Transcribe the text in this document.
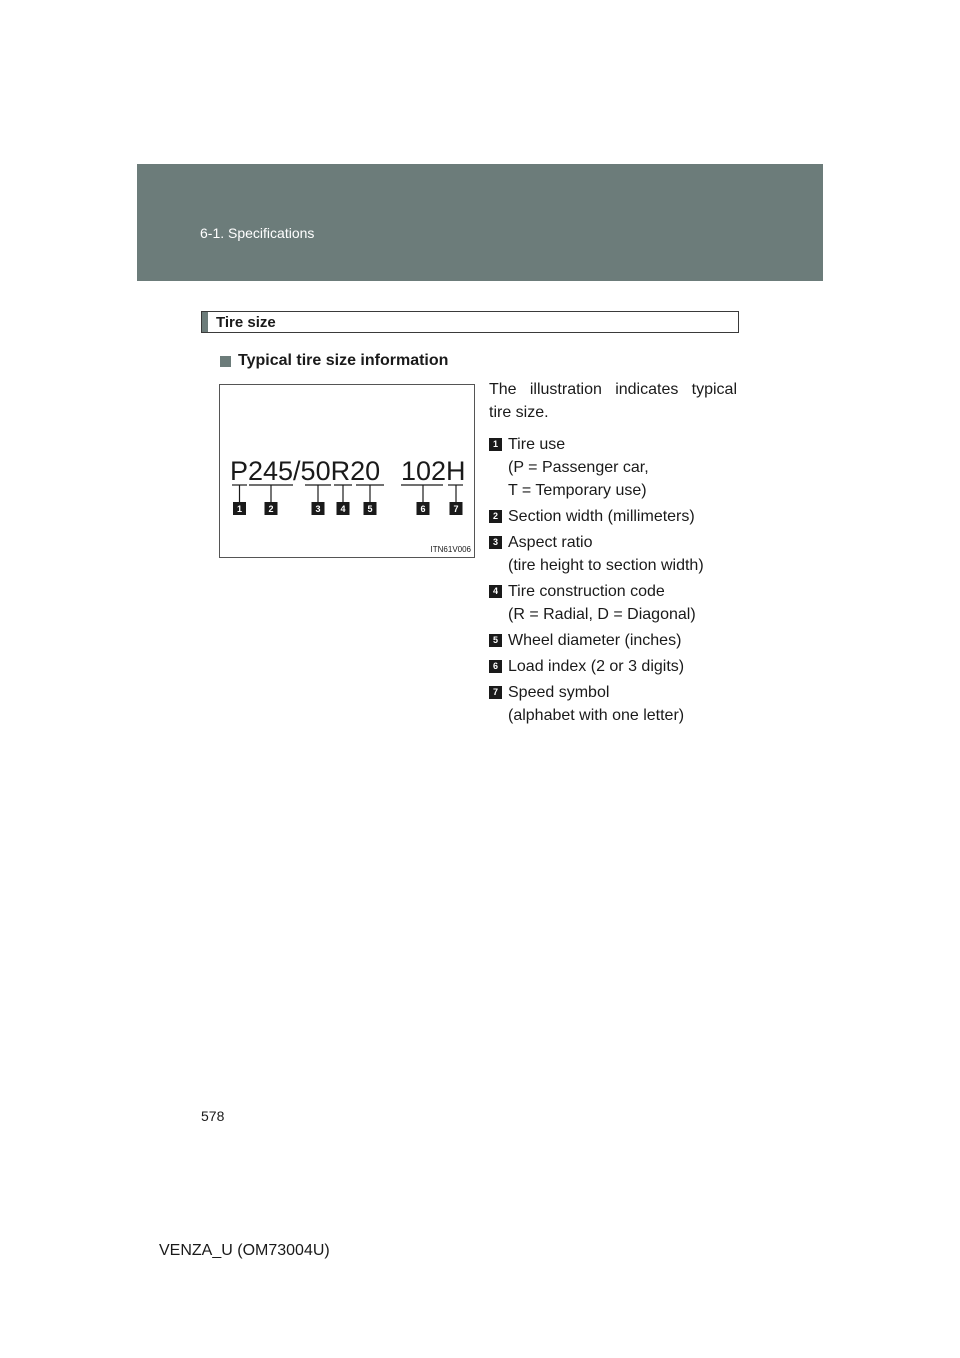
6-1. Specifications
Tire size
Typical tire size information
P245/50R20 102H
1	2	3 4 5	6	7
ITN61V006
The illustration indicates typical tire size.
1 Tire use
(P = Passenger car,
T = Temporary use)
2 Section width (millimeters)
3 Aspect ratio
(tire height to section width)
4 Tire construction code
(R = Radial, D = Diagonal)
5 Wheel diameter (inches)
6 Load index (2 or 3 digits)
7 Speed symbol
(alphabet with one letter)
578
VENZA_U (OM73004U)
